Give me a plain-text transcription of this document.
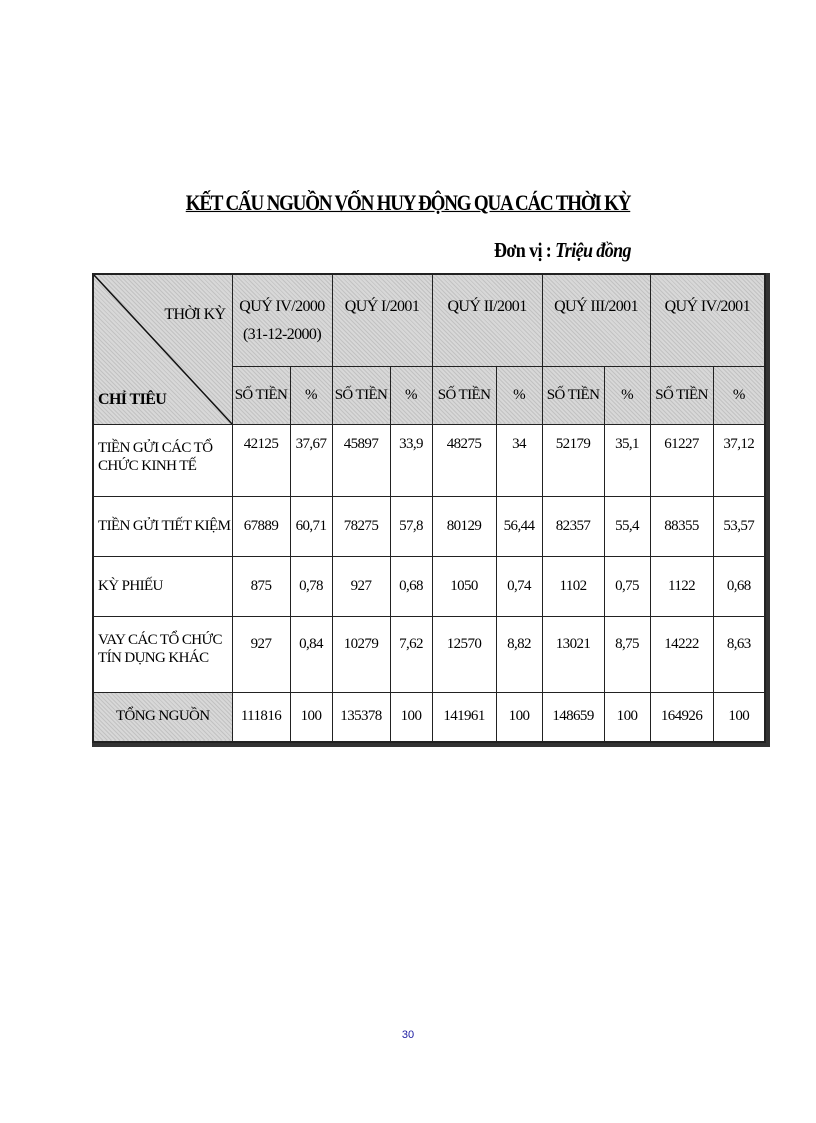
KẾT CẤU NGUỒN VỐN HUY ĐỘNG QUA CÁC THỜI KỲ
Đơn vị : Triệu đồng
THỜI KỲ
CHỈ TIÊU	QUÝ IV/2000
(31-12-2000)		QUÝ I/2001		QUÝ II/2001		QUÝ III/2001		QUÝ IV/2001	

	SỐ TIỀN	%	SỐ TIỀN	%	SỐ TIỀN	%	SỐ TIỀN	%	SỐ TIỀN	%

TIỀN GỬI CÁC TỔ
CHỨC KINH TẾ	42125	37,67	45897	33,9	48275	34	52179	35,1	61227	37,12

TIỀN GỬI TIẾT KIỆM	67889	60,71	78275	57,8	80129	56,44	82357	55,4	88355	53,57

KỲ PHIẾU	875	0,78	927	0,68	1050	0,74	1102	0,75	1122	0,68

VAY CÁC TỔ CHỨC
TÍN DỤNG KHÁC	927	0,84	10279	7,62	12570	8,82	13021	8,75	14222	8,63
TỔNG NGUỒN	111816	100	135378	100	141961	100	148659	100	164926	100
30
